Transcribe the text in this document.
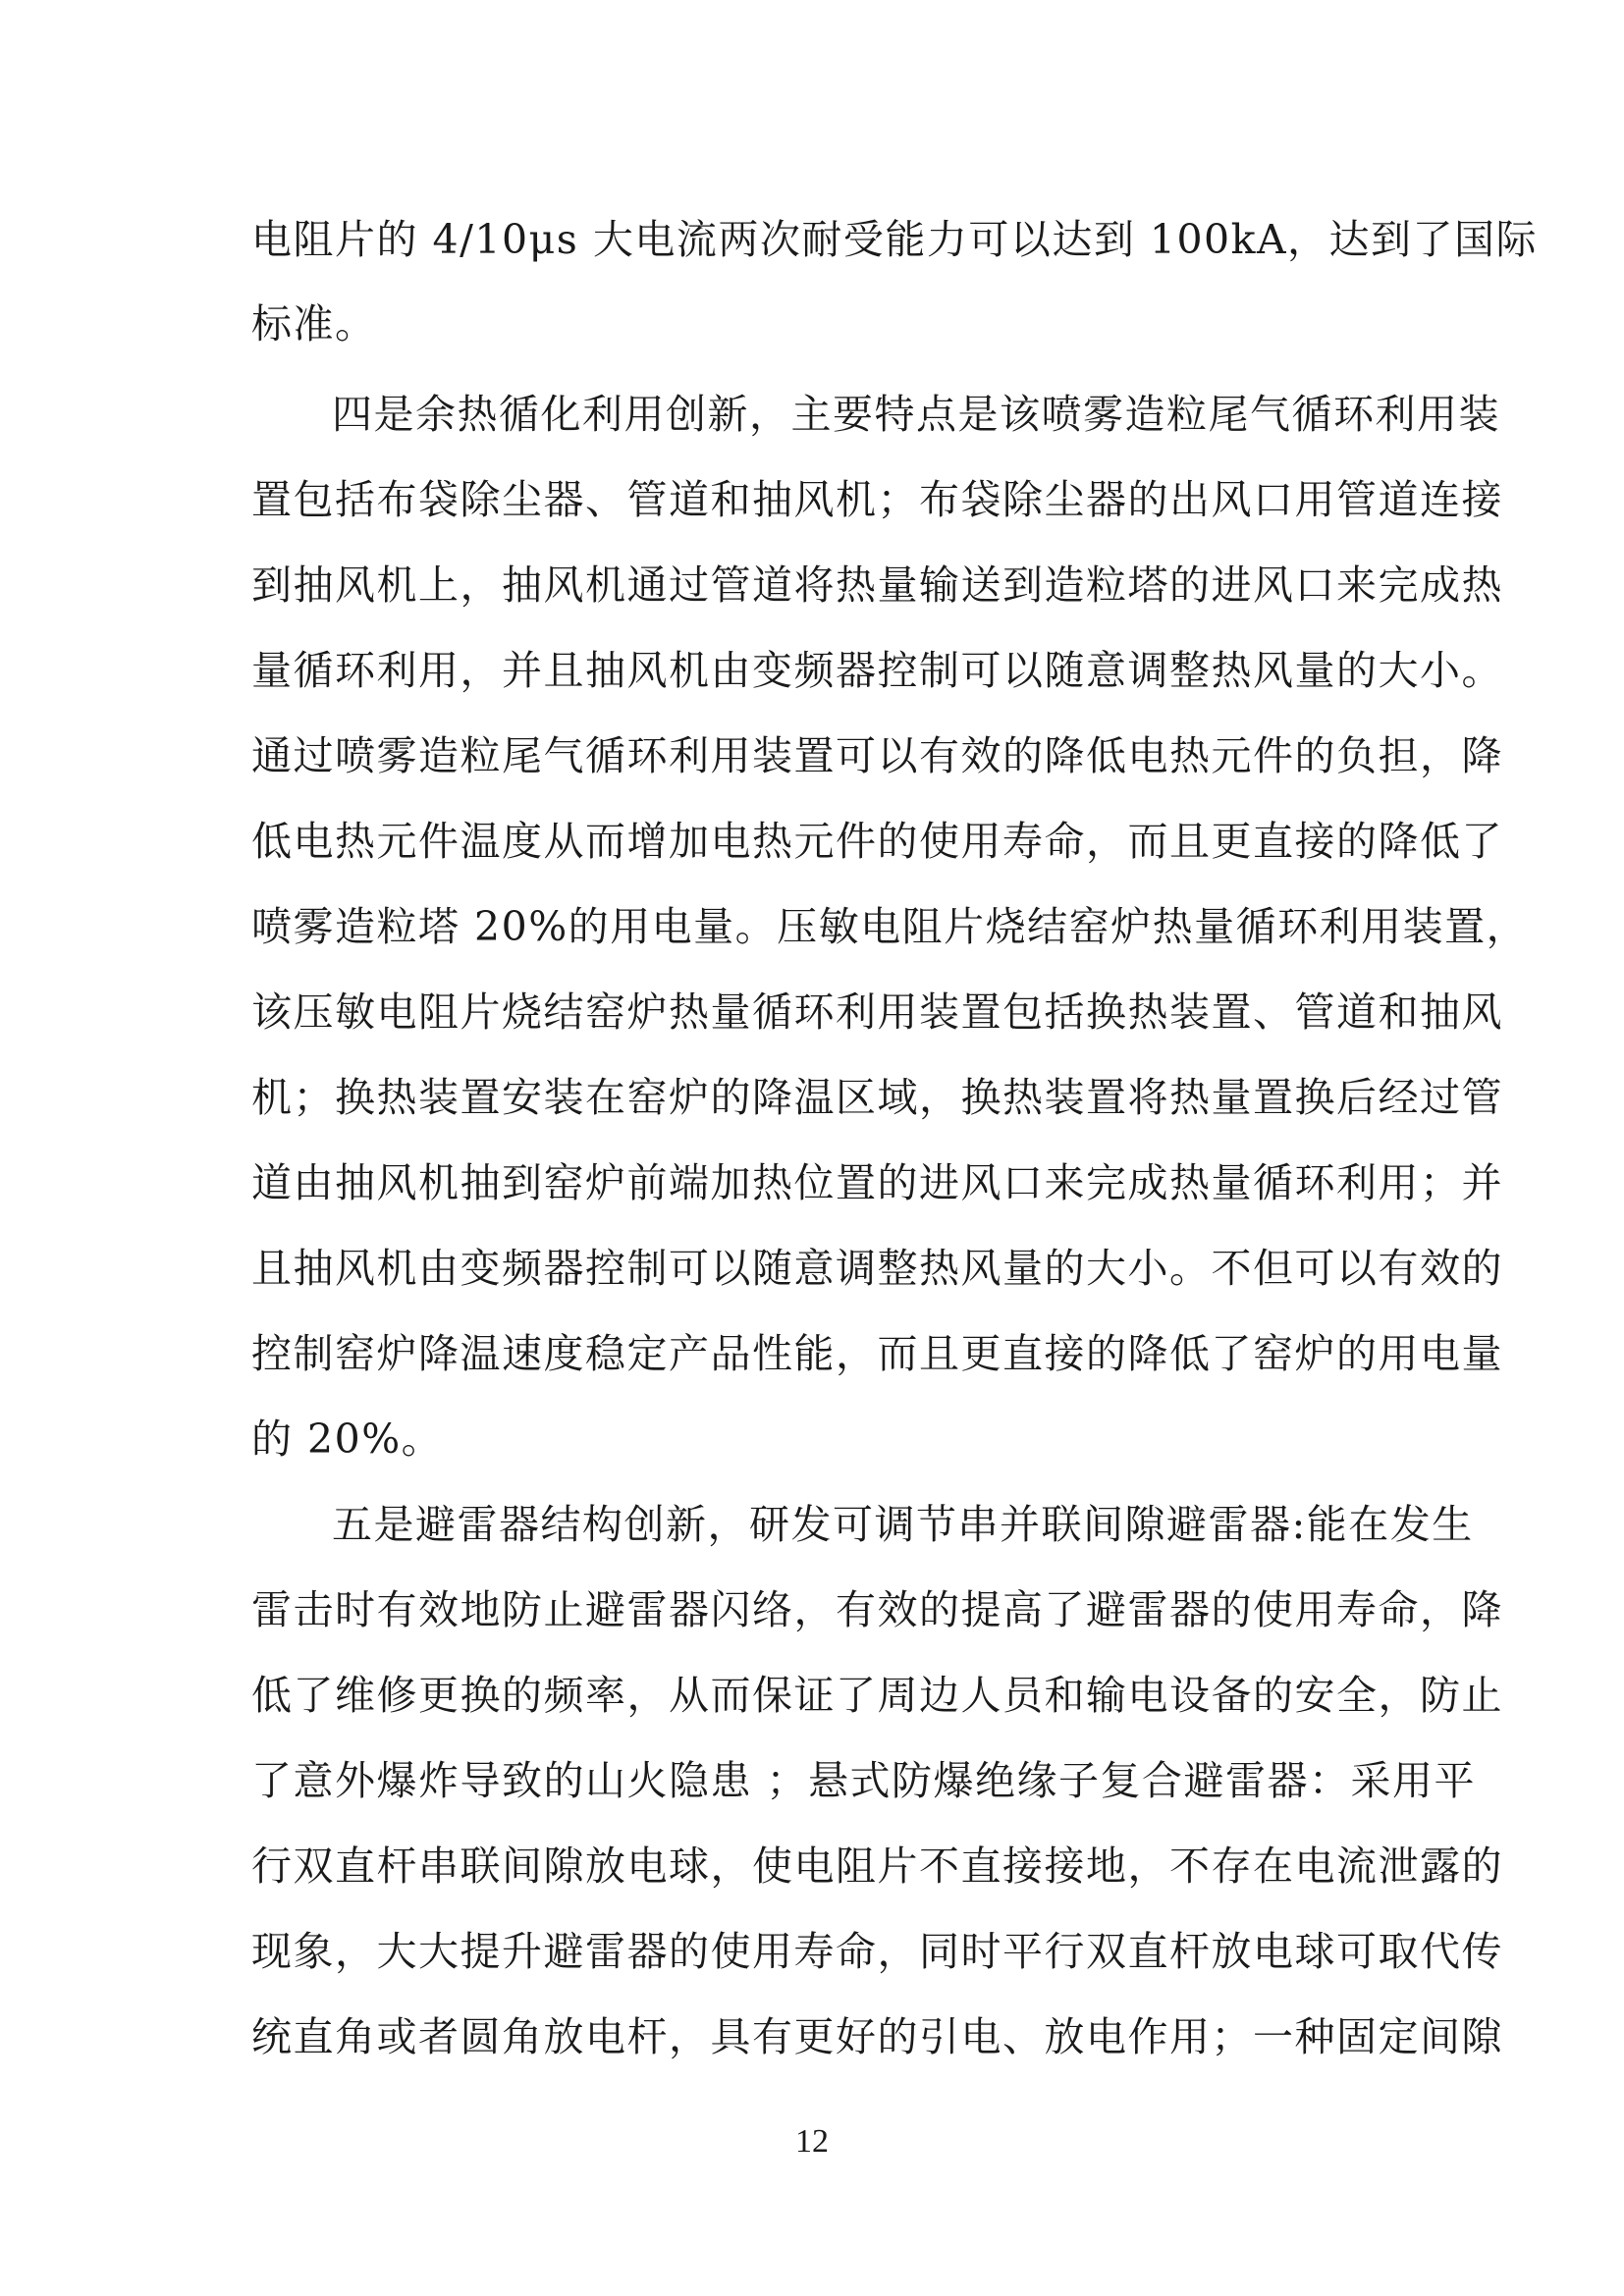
电阻片的 4/10μs 大电流两次耐受能力可以达到 100kA，达到了国际
标准。
四是余热循化利用创新，主要特点是该喷雾造粒尾气循环利用装
置包括布袋除尘器、管道和抽风机；布袋除尘器的出风口用管道连接
到抽风机上，抽风机通过管道将热量输送到造粒塔的进风口来完成热
量循环利用，并且抽风机由变频器控制可以随意调整热风量的大小。
通过喷雾造粒尾气循环利用装置可以有效的降低电热元件的负担，降
低电热元件温度从而增加电热元件的使用寿命，而且更直接的降低了
喷雾造粒塔 20%的用电量。压敏电阻片烧结窑炉热量循环利用装置，
该压敏电阻片烧结窑炉热量循环利用装置包括换热装置、管道和抽风
机；换热装置安装在窑炉的降温区域，换热装置将热量置换后经过管
道由抽风机抽到窑炉前端加热位置的进风口来完成热量循环利用；并
且抽风机由变频器控制可以随意调整热风量的大小。不但可以有效的
控制窑炉降温速度稳定产品性能，而且更直接的降低了窑炉的用电量
的 20%。
五是避雷器结构创新，研发可调节串并联间隙避雷器:能在发生
雷击时有效地防止避雷器闪络，有效的提高了避雷器的使用寿命，降
低了维修更换的频率，从而保证了周边人员和输电设备的安全，防止
了意外爆炸导致的山火隐患 ；悬式防爆绝缘子复合避雷器：采用平
行双直杆串联间隙放电球，使电阻片不直接接地，不存在电流泄露的
现象，大大提升避雷器的使用寿命，同时平行双直杆放电球可取代传
统直角或者圆角放电杆，具有更好的引电、放电作用；一种固定间隙
12
